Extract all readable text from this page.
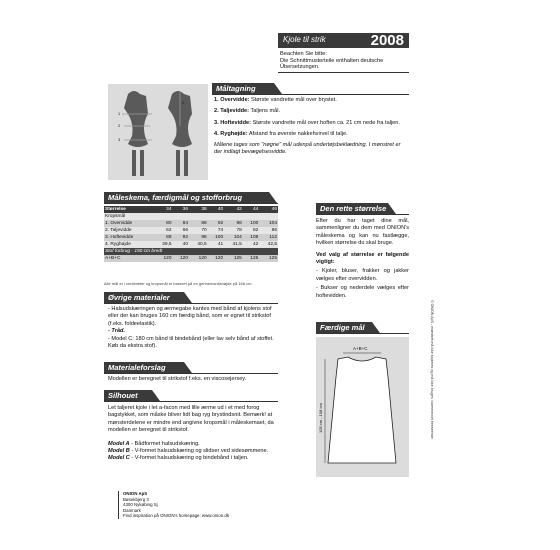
Kjole til strik	2008
Beachten Sie bitte:
Die Schnittmusterteile enthalten deutsche
Übersetzungen.
1
2
3
4
Måltagning
1. Overvidde: Største vandrette mål over brystet.
2. Taljevidde: Taljens mål.
3. Hoftevidde: Største vandrette mål over hoften ca. 21 cm nede fra taljen.
4. Ryghøjde: Afstand fra øverste nakkehvirvel til talje.
Målene tages som "nøgne" mål udenpå undertøjsbeklædning. I mønstret er der indlagt bevægelsesvidde.
Måleskema, færdigmål og stofforbrug
Størrelse	34	36	38	40	42	44	46
Kropsmål							
1. Overvidde	80	84	88	92	96	100	104
2. Taljevidde	62	66	70	74	78	82	86
3. Hoftevidde	88	92	96	100	104	108	112
4. Ryghøjde	39,5	40	40,5	41	41,5	42	42,5
Stof forbrug - 150 cm bredt							
A+B+C	120	120	120	120	125	125	125
Alle mål er i centimeter og kropsmål er baseret på en gennemsnitshøjde på 168 cm.
Øvrige materialer
- Halsudskæringen og ærmegabe kantes med bånd af kjolens stof eller der kan bruges 160 cm færdig bånd, som er egnet til strikstof (f.eks. foldeelastik).
- Tråd.
- Model C: 180 cm bånd til bindebånd (eller lav selv bånd af stoffet. Køb da ekstra stof).
Materialeforslag
Modellen er beregnet til strikstof f.eks. en viscosejersey.
Silhouet
Let taljeret kjole i let a-facon med lille ærme ud i et med forog bagstykket, som måske bliver lidt bag ryg brystindsnit. Bemærk! at mønsterdelene er mindre end angivne kropsmål i måleskemaet, da modellen er beregnet til strikstof.
Model A - Bådformet halsudskæring.
Model B - V-formet halsudskæring og slidser ved sidesømmene.
Model C - V-formet halsudskæring og bindebånd i taljen.
Den rette størrelse
Efter du har taget dine mål, sammenligner du dem med ONION's måleskema og kan nu fastlægge, hvilken størrelse du skal bruge.
Ved valg af størrelse er følgende vigtigt:
- Kjoler, bluser, frakker og jakker vælges efter overvidden.
- Bukser og nederdele vælges efter hoftevidden.
Færdige mål
A+B+C
105 cm - 108 cm
ONION ApS
Bøsekbjerg 3
4300 Nykøbing Sj
Danmark
Find inspiration på ONION's homepage: www.onion.dk
© ONION ApS - mønstret må ikke kopieres og må ikke bruges i kommerciel henseende.
